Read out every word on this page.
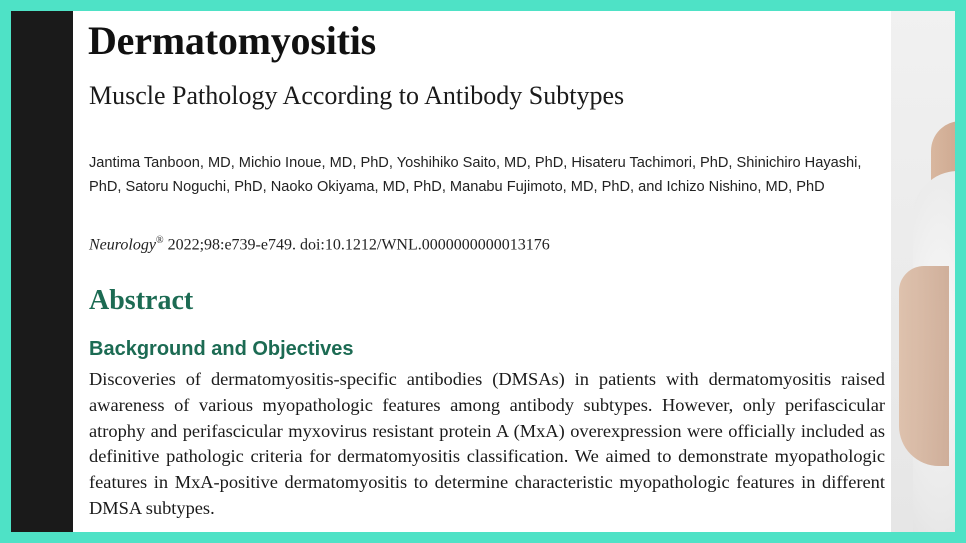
Dermatomyositis
Muscle Pathology According to Antibody Subtypes

Jantima Tanboon, MD, Michio Inoue, MD, PhD, Yoshihiko Saito, MD, PhD, Hisateru Tachimori, PhD, Shinichiro Hayashi, PhD, Satoru Noguchi, PhD, Naoko Okiyama, MD, PhD, Manabu Fujimoto, MD, PhD, and Ichizo Nishino, MD, PhD

Neurology® 2022;98:e739-e749. doi:10.1212/WNL.0000000000013176

Abstract
Background and Objectives

Discoveries of dermatomyositis-specific antibodies (DMSAs) in patients with dermatomyositis raised awareness of various myopathologic features among antibody subtypes. However, only perifascicular atrophy and perifascicular myxovirus resistant protein A (MxA) overexpression were officially included as definitive pathologic criteria for dermatomyositis classification. We aimed to demonstrate myopathologic features in MxA-positive dermatomyositis to determine characteristic myopathologic features in different DMSA subtypes.
